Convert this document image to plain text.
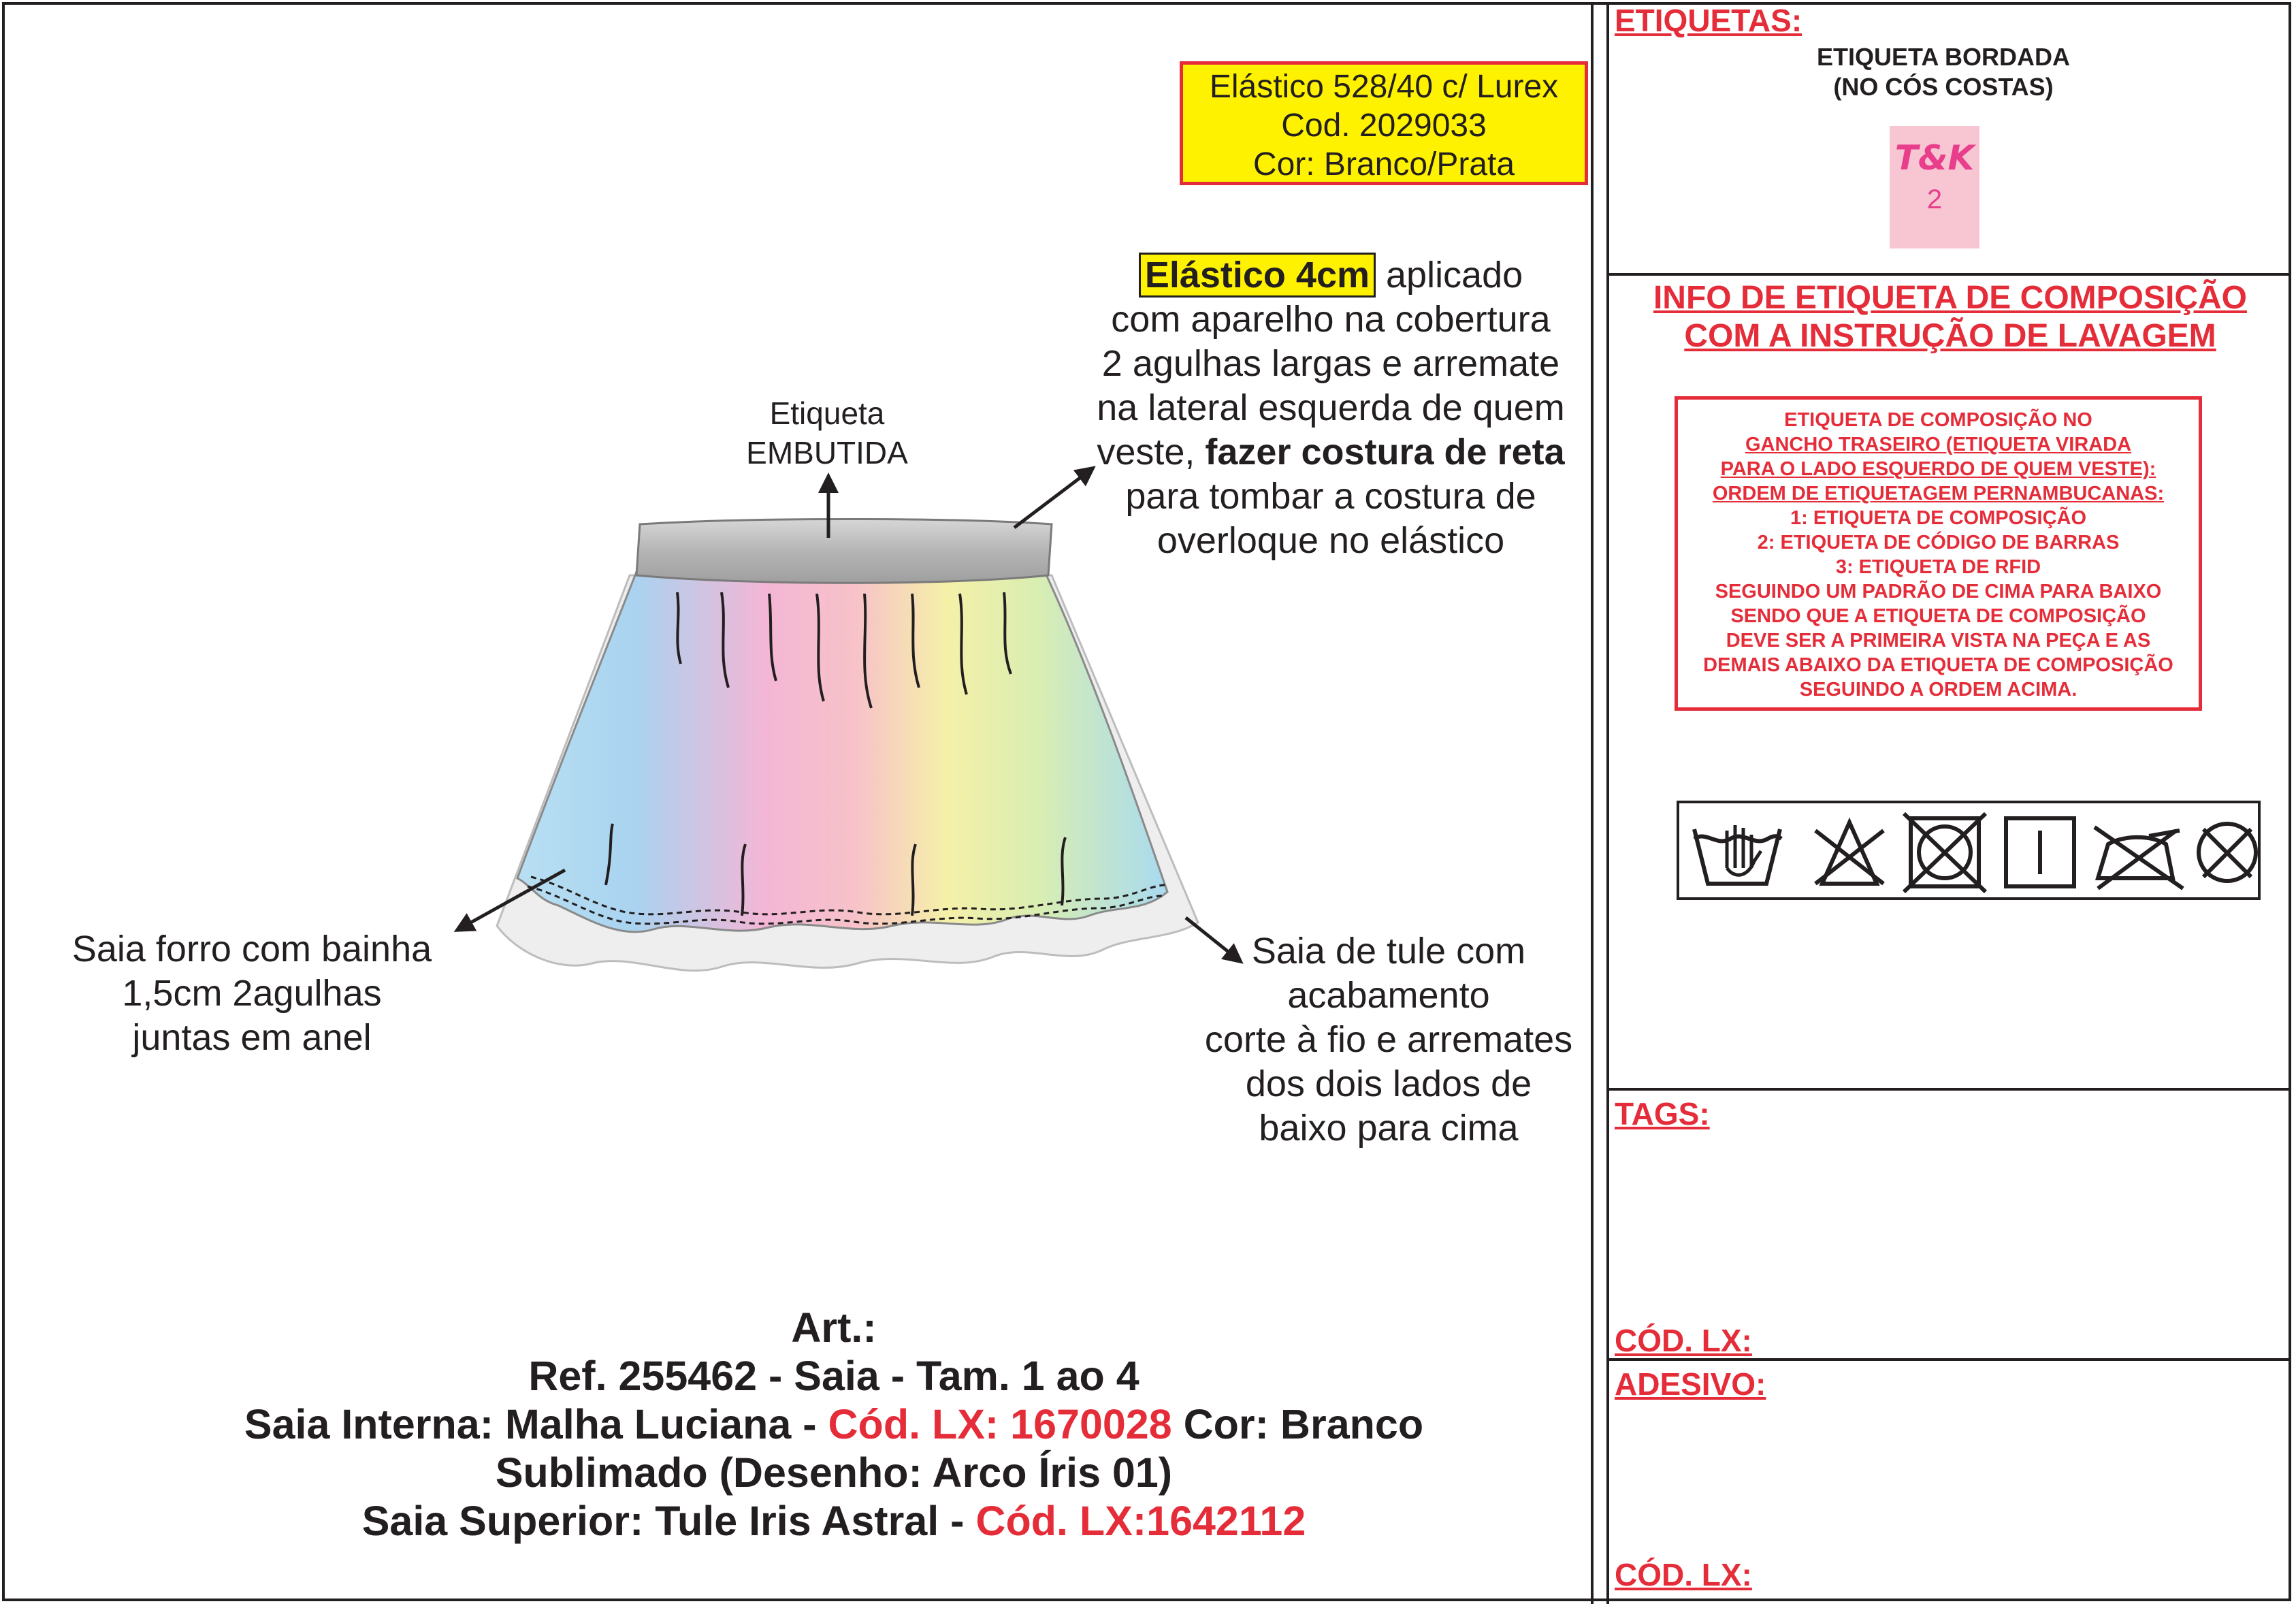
Elástico 528/40 c/ Lurex
Cod. 2029033
Cor: Branco/Prata
Elástico 4cm aplicado
com aparelho na cobertura
2 agulhas largas e arremate
na lateral esquerda de quem
veste, fazer costura de reta
para tombar a costura de
overloque no elástico
Etiqueta
EMBUTIDA
Saia forro com bainha
1,5cm 2agulhas
juntas em anel
Saia de tule com
acabamento
corte à fio e arremates
dos dois lados de
baixo para cima
Art.:
Ref. 255462 - Saia - Tam. 1 ao 4
Saia Interna: Malha Luciana - Cód. LX: 1670028 Cor: Branco
Sublimado (Desenho: Arco Íris 01)
Saia Superior: Tule Iris Astral - Cód. LX:1642112
ETIQUETAS:
ETIQUETA BORDADA
(NO CÓS COSTAS)
T&K
2
INFO DE ETIQUETA DE COMPOSIÇÃO
COM A INSTRUÇÃO DE LAVAGEM
ETIQUETA DE COMPOSIÇÃO NO
GANCHO TRASEIRO (ETIQUETA VIRADA
PARA O LADO ESQUERDO DE QUEM VESTE):
ORDEM DE ETIQUETAGEM PERNAMBUCANAS:
1: ETIQUETA DE COMPOSIÇÃO
2: ETIQUETA DE CÓDIGO DE BARRAS
3: ETIQUETA DE RFID
SEGUINDO UM PADRÃO DE CIMA PARA BAIXO
SENDO QUE A ETIQUETA DE COMPOSIÇÃO
DEVE SER A PRIMEIRA VISTA NA PEÇA E AS
DEMAIS ABAIXO DA ETIQUETA DE COMPOSIÇÃO
SEGUINDO A ORDEM ACIMA.
TAGS:
CÓD. LX:
ADESIVO:
CÓD. LX:
